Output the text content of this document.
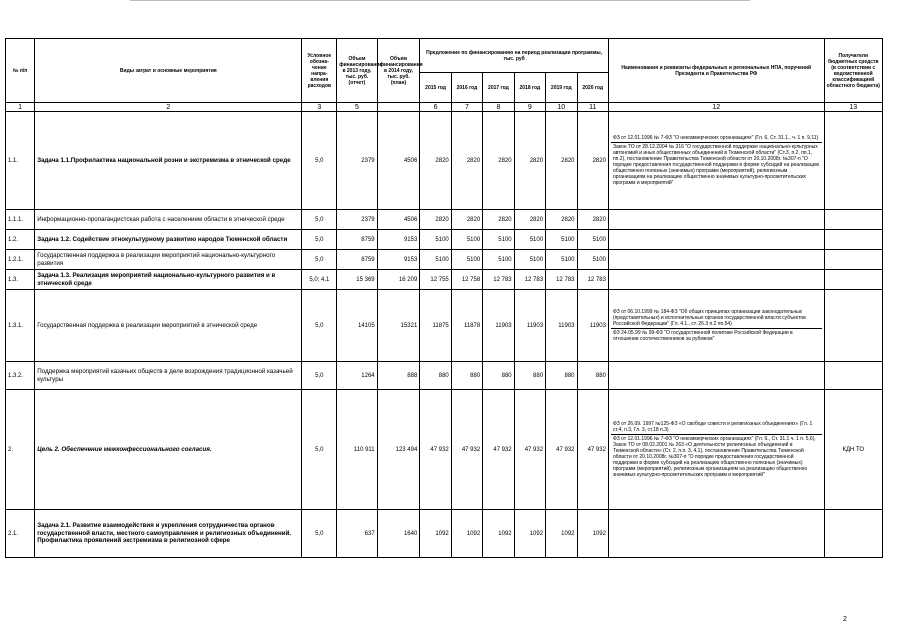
№ п/п	Виды затрат и основные мероприятия	Условное обозна- чение напра- вления расходов	Объем финансирования в 2013 году, тыс. руб. (отчет)	Объем финансирования в 2014 году, тыс. руб.(план)	Предложение по финансированию на период реализации программы, тыс. руб						Наименования и реквизиты федеральных и региональных НПА, поручений Президента и Правительства РФ	Получатели бюджетных средств (в соответствии с ведомственной классификацией областного бюджета)
					2015 год	2016 год	2017 год	2018 год	2019 год	2020 год		
1	2	3	5		6	7	8	9	10	11	12	13
1.1.	Задача 1.1.Профилактика национальной розни и экстремизма в этнической среде	5,0	2379	4506	2820	2820	2820	2820	2820	2820	ФЗ от 12.01.1996 № 7-ФЗ "О некоммерческих организациях" (Гл. 6, Ст. 31.1., ч. 1 п. 9,11)
Закон ТО от 28.12.2004 № 316 "О государственной поддержке национально-культурных автономий и иных общественных объединений в Тюменской области" (Ст.3, п.2, пп.1, пп.2), постановление Правительства Тюменской области от 20.10.2008г. №307-п "О порядке предоставления государственной поддержки в форме субсидий на реализацию общественно полезных (значимых) программ (мероприятий), религиозным организациям на реализацию общественно значимых культурно-просветительских программ и мероприятий"	

1.1.1.	Информационно-пропагандистская работа с населением области в этнической среде	5,0	2379	4506	2820	2820	2820	2820	2820	2820		
1.2.	Задача 1.2. Содействие этнокультурному развитию народов Тюменской области	5,0	8759	9153	5100	5100	5100	5100	5100	5100		
1.2.1.	Государственная поддержка в реализации мероприятий национально-культурного развития	5,0	8759	9153	5100	5100	5100	5100	5100	5100		
1.3.	Задача 1.3. Реализация мероприятий национально-культурного развития и в этнической среде	5,0; 4,1	15 369	16 209	12 755	12 758	12 783	12 783	12 783	12 783		
1.3.1.	Государственная поддержка в реализации мероприятий в этнической среде	5,0	14105	15321	11875	11878	11903	11903	11903	11903	ФЗ от 06.10.1999 № 184-ФЗ "Об общих принципах организации законодательных (представительных) и исполнительных органов государственной власти субъектов Российской Федерации" (Гл. 4.1., ст. 26.3 п.2 пп.54)
ФЗ 24.05.99 № 99-ФЗ "О государственной политике Российской Федерации в отношении соотечественников за рубежом"	

1.3.2.	Поддержка мероприятий казачьих обществ в деле возрождения традиционной казачьей культуры	5,0	1264	888	880	880	880	880	880	880		
2.	Цель 2. Обеспечение межконфессионального согласия.	5,0	110 911	123 494	47 932	47 932	47 932	47 932	47 932	47 932	ФЗ от 26.09. 1997 №125-ФЗ «О свободе совести и религиозных объединениях» (Гл. 1 ст.4, п.3, Гл. 3, ст.18 п.3)
ФЗ от 12.01.1996 № 7-ФЗ "О некоммерческих организациях" (Гл. 6., Ст. 31.1 ч. 1 п. 5,6), Закон ТО от 08.02.2001 № 263 «О деятельности религиозных объединений в Тюменской области» (Ст. 2, п.п. 3, 4,1), постановление Правительства Тюменской области от 20.10.2008г. №307-п "О порядке предоставления государственной поддержки в форме субсидий на реализацию общественно полезных (значимых) программ (мероприятий), религиозным организациям на реализацию общественно значимых культурно-просветительских программ и мероприятий"	КДН ТО
2.1.	Задача 2.1. Развитие взаимодействия и укрепления сотрудничества органов государственной власти, местного самоуправления и религиозных объединений. Профилактика проявлений экстремизма в религиозной сфере	5,0	637	1640	1092	1092	1092	1092	1092	1092		
2
